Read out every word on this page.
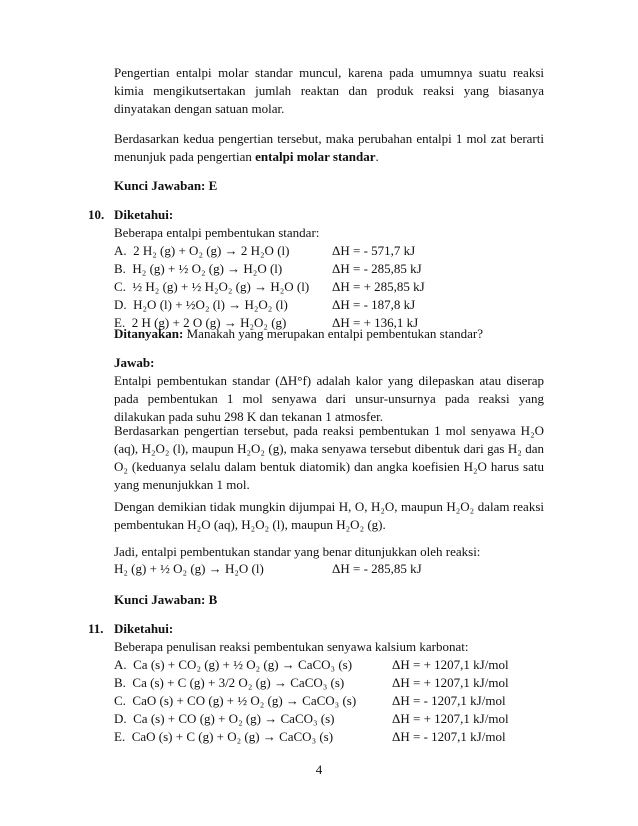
Pengertian entalpi molar standar muncul, karena pada umumnya suatu reaksi kimia mengikutsertakan jumlah reaktan dan produk reaksi yang biasanya dinyatakan dengan satuan molar.
Berdasarkan kedua pengertian tersebut, maka perubahan entalpi 1 mol zat berarti menunjuk pada pengertian entalpi molar standar.
Kunci Jawaban: E
10. Diketahui:
Beberapa entalpi pembentukan standar:
A. 2 H₂ (g) + O₂ (g) → 2 H₂O (l)	ΔH = - 571,7 kJ
B. H₂ (g) + ½ O₂ (g) → H₂O (l)	ΔH = - 285,85 kJ
C. ½ H₂ (g) + ½ H₂O₂ (g) → H₂O (l) ΔH = + 285,85 kJ
D. H₂O (l) + ½O₂ (l) → H₂O₂ (l)	ΔH = - 187,8 kJ
E. 2 H (g) + 2 O (g) → H₂O₂ (g)	ΔH = + 136,1 kJ
Ditanyakan: Manakah yang merupakan entalpi pembentukan standar?
Jawab:
Entalpi pembentukan standar (ΔH°f) adalah kalor yang dilepaskan atau diserap pada pembentukan 1 mol senyawa dari unsur-unsurnya pada reaksi yang dilakukan pada suhu 298 K dan tekanan 1 atmosfer.
Berdasarkan pengertian tersebut, pada reaksi pembentukan 1 mol senyawa H₂O (aq), H₂O₂ (l), maupun H₂O₂ (g), maka senyawa tersebut dibentuk dari gas H₂ dan O₂ (keduanya selalu dalam bentuk diatomik) dan angka koefisien H₂O harus satu yang menunjukkan 1 mol.
Dengan demikian tidak mungkin dijumpai H, O, H₂O, maupun H₂O₂ dalam reaksi pembentukan H₂O (aq), H₂O₂ (l), maupun H₂O₂ (g).
Jadi, entalpi pembentukan standar yang benar ditunjukkan oleh reaksi:
H₂ (g) + ½ O₂ (g) → H₂O (l)	ΔH = - 285,85 kJ
Kunci Jawaban: B
11. Diketahui:
Beberapa penulisan reaksi pembentukan senyawa kalsium karbonat:
A. Ca (s) + CO₂ (g) + ½ O₂ (g) → CaCO₃ (s)	ΔH = + 1207,1 kJ/mol
B. Ca (s) + C (g) + 3/2 O₂ (g) → CaCO₃ (s)	ΔH = + 1207,1 kJ/mol
C. CaO (s) + CO (g) + ½ O₂ (g) → CaCO₃ (s)	ΔH = - 1207,1 kJ/mol
D. Ca (s) + CO (g) + O₂ (g) → CaCO₃ (s)	ΔH = + 1207,1 kJ/mol
E. CaO (s) + C (g) + O₂ (g) → CaCO₃ (s)	ΔH = - 1207,1 kJ/mol
4
